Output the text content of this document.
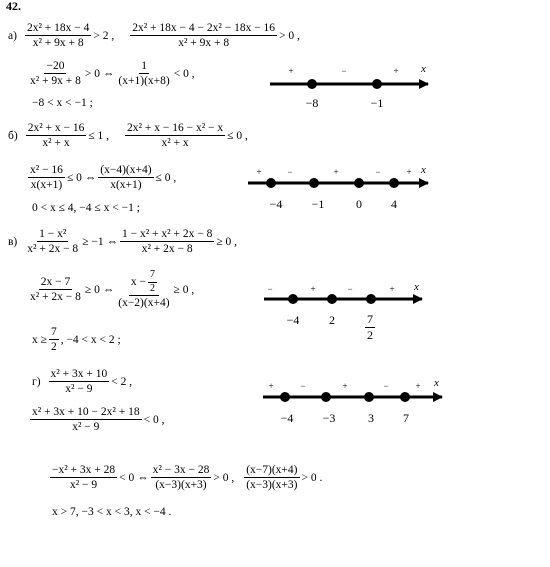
42.
$а) \frac{\text{2x² + 18x − 4}}{\text{x² + 9x + 8}} > 2$ , $\frac{\text{2x² + 18x − 4 − 2x² − 18x − 16}}{\text{x² + 9x + 8}} > 0$ ,
$\frac{-20}{\text{x² + 9x + 8}} > 0$ ⇔ $\frac{1}{(x+1)(x+8)} < 0$ ,
−8 < x < −1 ;
$б) \frac{\text{2x² + x − 16}}{\text{x² + x}} \le 1$ , $\frac{\text{2x² + x − 16 − x² − x}}{\text{x² + x}} \le 0$ ,
$\frac{\text{x² − 16}}{x(x+1)} \le 0$ ⇔ $\frac{(x-4)(x+4)}{x(x+1)} \le 0$ ,
0 < x ≤ 4, −4 ≤ x < −1 ;
$в) \frac{\text{1 − x²}}{\text{x² + 2x − 8}} \ge -1$ ⇔ $\frac{\text{1 − x² + x² + 2x − 8}}{\text{x² + 2x − 8}} \ge 0$ ,
$\frac{2x - 7}{\text{x² + 2x − 8}} \ge 0$ ⇔ $\frac{x - \frac{7}{2}}{(x-2)(x+4)} \ge 0$ ,
$x \ge \frac{7}{2}$ , −4 < x < 2 ;
$г) \frac{\text{x² + 3x + 10}}{\text{x² − 9}} < 2$ ,
$\frac{\text{x² + 3x + 10 − 2x² + 18}}{\text{x² − 9}} < 0$ ,
$\frac{\text{−x² + 3x + 28}}{\text{x² − 9}} < 0$ ⇔ $\frac{\text{x² − 3x − 28}}{(x-3)(x+3)} > 0$ , $\frac{(x-7)(x+4)}{(x-3)(x+3)} > 0$ .
x > 7, −3 < x < 3, x < −4 .
+	−	+ x
−8	−1
+	−	+	−	+ x
−4 −1	0 4
−	+	−	+ x
−4 2	$\frac{7}{2}$
+	−	+	−	+ x
−4 −3	3 7
